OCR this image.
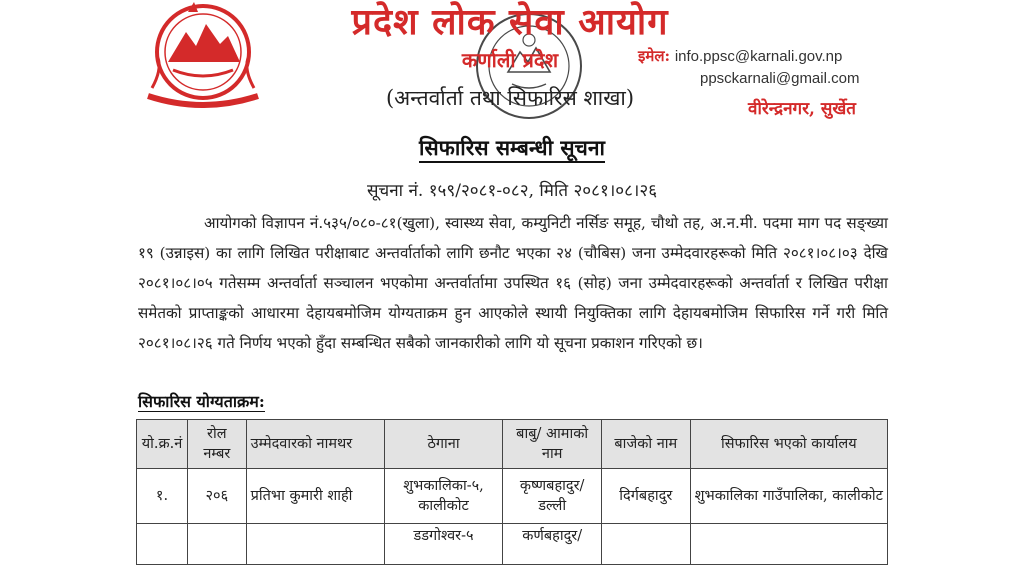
प्रदेश लोक सेवा आयोग
कर्णाली प्रदेश
(अन्तर्वार्ता तथा सिफारिस शाखा)
इमेल: info.ppsc@karnali.gov.np
ppsckarnali@gmail.com
वीरेन्द्रनगर, सुर्खेत
सिफारिस सम्बन्धी सूचना
सूचना नं. १५९/२०८१-०८२, मिति २०८१।०८।२६

आयोगको विज्ञापन नं.५३५/०८०-८१(खुला), स्वास्थ्य सेवा, कम्युनिटी नर्सिङ समूह, चौथो तह, अ.न.मी. पदमा माग पद सङ्ख्या १९ (उन्नाइस) का लागि लिखित परीक्षाबाट अन्तर्वार्ताको लागि छनौट भएका २४ (चौबिस) जना उम्मेदवारहरूको मिति २०८१।०८।०३ देखि २०८१।०८।०५ गतेसम्म अन्तर्वार्ता सञ्चालन भएकोमा अन्तर्वार्तामा उपस्थित १६ (सोह) जना उम्मेदवारहरूको अन्तर्वार्ता र लिखित परीक्षा समेतको प्राप्ताङ्कको आधारमा देहायबमोजिम योग्यताक्रम हुन आएकोले स्थायी नियुक्तिका लागि देहायबमोजिम सिफारिस गर्ने गरी मिति २०८१।०८।२६ गते निर्णय भएको हुँदा सम्बन्धित सबैको जानकारीको लागि यो सूचना प्रकाशन गरिएको छ।

सिफारिस योग्यताक्रम:
यो.क्र.नं	रोल नम्बर	उम्मेदवारको नामथर	ठेगाना	बाबु/ आमाको नाम	बाजेको नाम	सिफारिस भएको कार्यालय
१.	२०६	प्रतिभा कुमारी शाही	शुभकालिका-५, कालीकोट	कृष्णबहादुर/ डल्ली	दिर्गबहादुर	शुभकालिका गाउँपालिका, कालीकोट
			डडगोश्वर-५	कर्णबहादुर/		
